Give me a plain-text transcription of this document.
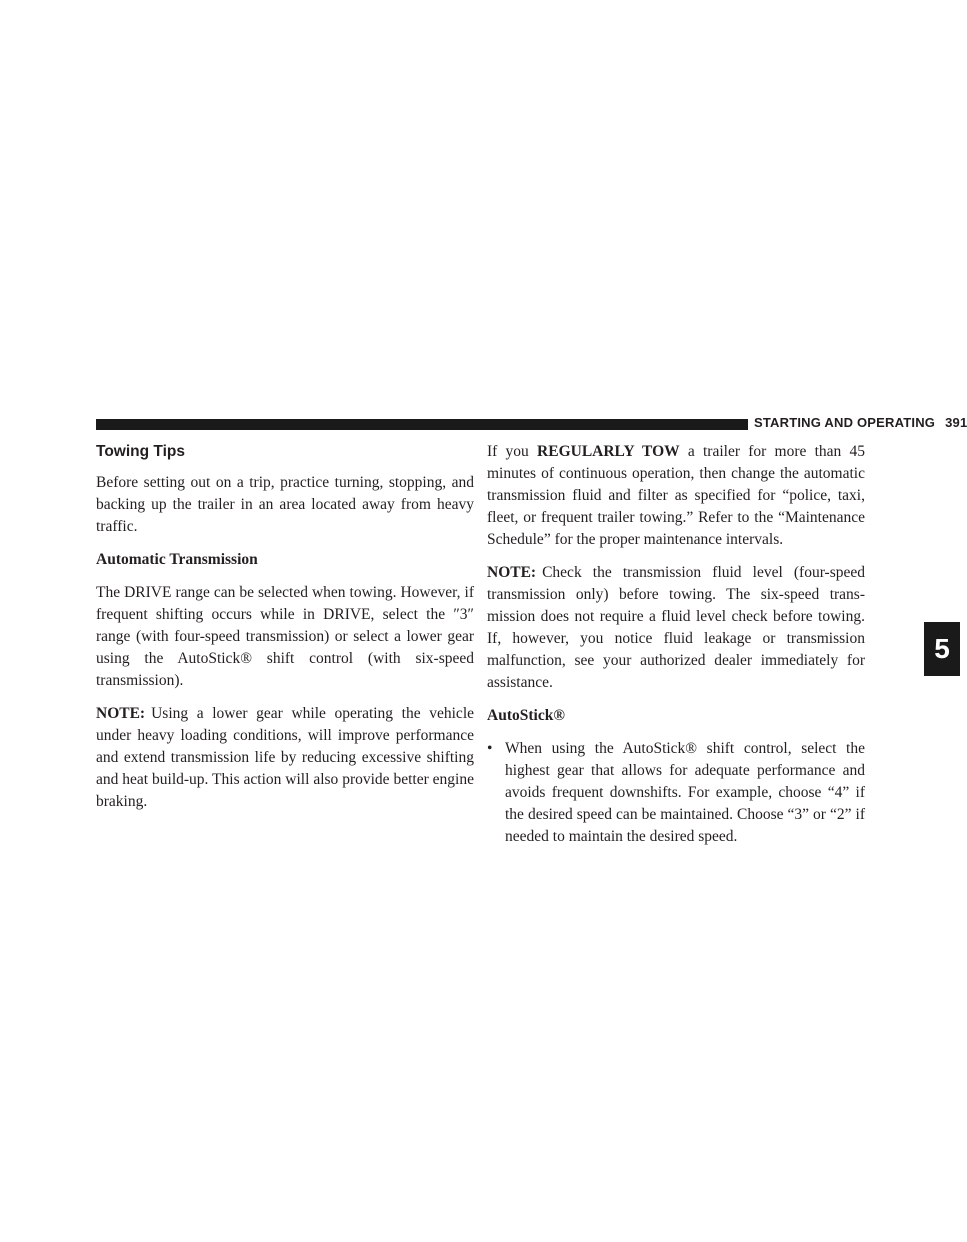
STARTING AND OPERATING 391
5
Towing Tips

Before setting out on a trip, practice turning, stopping, and backing up the trailer in an area located away from heavy traffic.

Automatic Transmission

The DRIVE range can be selected when towing. However, if frequent shifting occurs while in DRIVE, select the ″3″ range (with four-speed transmission) or select a lower gear using the AutoStick® shift control (with six-speed transmission).

NOTE: Using a lower gear while operating the vehicle under heavy loading conditions, will improve performance and extend transmission life by reducing excessive shifting and heat build-up. This action will also provide better engine braking.

If you REGULARLY TOW a trailer for more than 45 minutes of continuous operation, then change the automatic transmission fluid and filter as specified for “police, taxi, fleet, or frequent trailer towing.” Refer to the “Maintenance Schedule” for the proper maintenance intervals.

NOTE: Check the transmission fluid level (four-speed transmission only) before towing. The six-speed transmission does not require a fluid level check before towing. If, however, you notice fluid leakage or transmission malfunction, see your authorized dealer immediately for assistance.

AutoStick®
• When using the AutoStick® shift control, select the highest gear that allows for adequate performance and avoids frequent downshifts. For example, choose “4” if the desired speed can be maintained. Choose “3” or “2” if needed to maintain the desired speed.
